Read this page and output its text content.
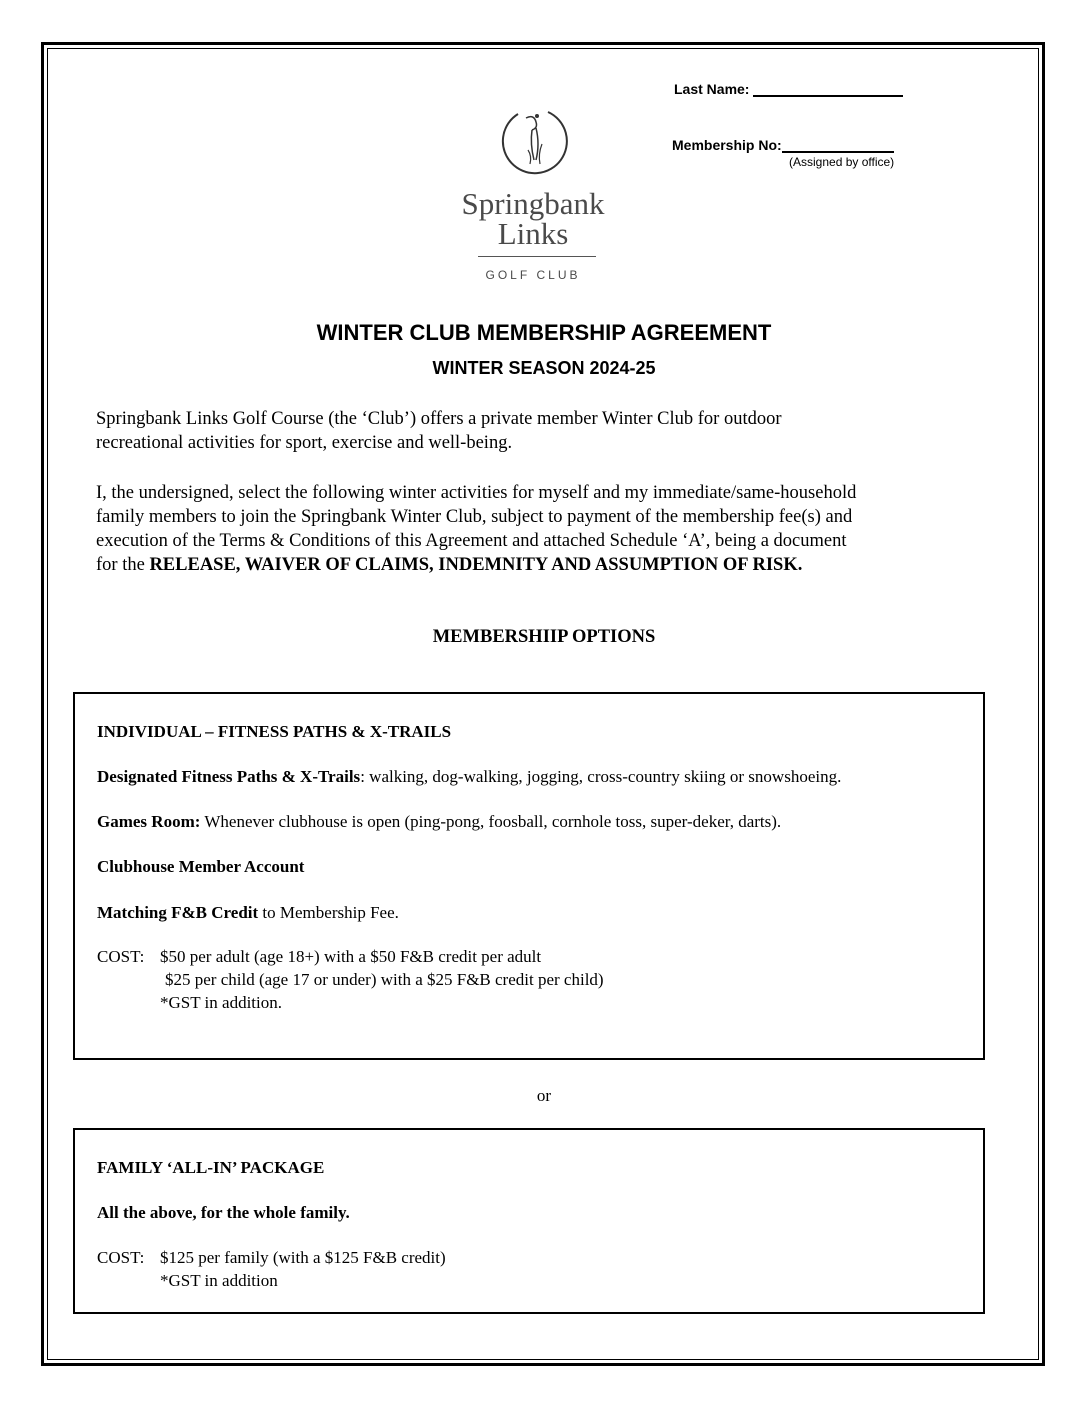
Last Name:
Membership No:
(Assigned by office)
Springbank
Links
GOLF CLUB
WINTER CLUB MEMBERSHIP AGREEMENT
WINTER SEASON 2024-25
Springbank Links Golf Course (the ‘Club’) offers a private member Winter Club for outdoor
recreational activities for sport, exercise and well-being.
I, the undersigned, select the following winter activities for myself and my immediate/same-household
family members to join the Springbank Winter Club, subject to payment of the membership fee(s) and
execution of the Terms & Conditions of this Agreement and attached Schedule ‘A’, being a document
for the RELEASE, WAIVER OF CLAIMS, INDEMNITY AND ASSUMPTION OF RISK.
MEMBERSHIIP OPTIONS
INDIVIDUAL – FITNESS PATHS & X-TRAILS
Designated Fitness Paths & X-Trails: walking, dog-walking, jogging, cross-country skiing or snowshoeing.
Games Room: Whenever clubhouse is open (ping-pong, foosball, cornhole toss, super-deker, darts).
Clubhouse Member Account
Matching F&B Credit to Membership Fee.
COST: $50 per adult (age 18+) with a $50 F&B credit per adult
$25 per child (age 17 or under) with a $25 F&B credit per child)
*GST in addition.
or
FAMILY ‘ALL-IN’ PACKAGE
All the above, for the whole family.
COST: $125 per family (with a $125 F&B credit)
*GST in addition
